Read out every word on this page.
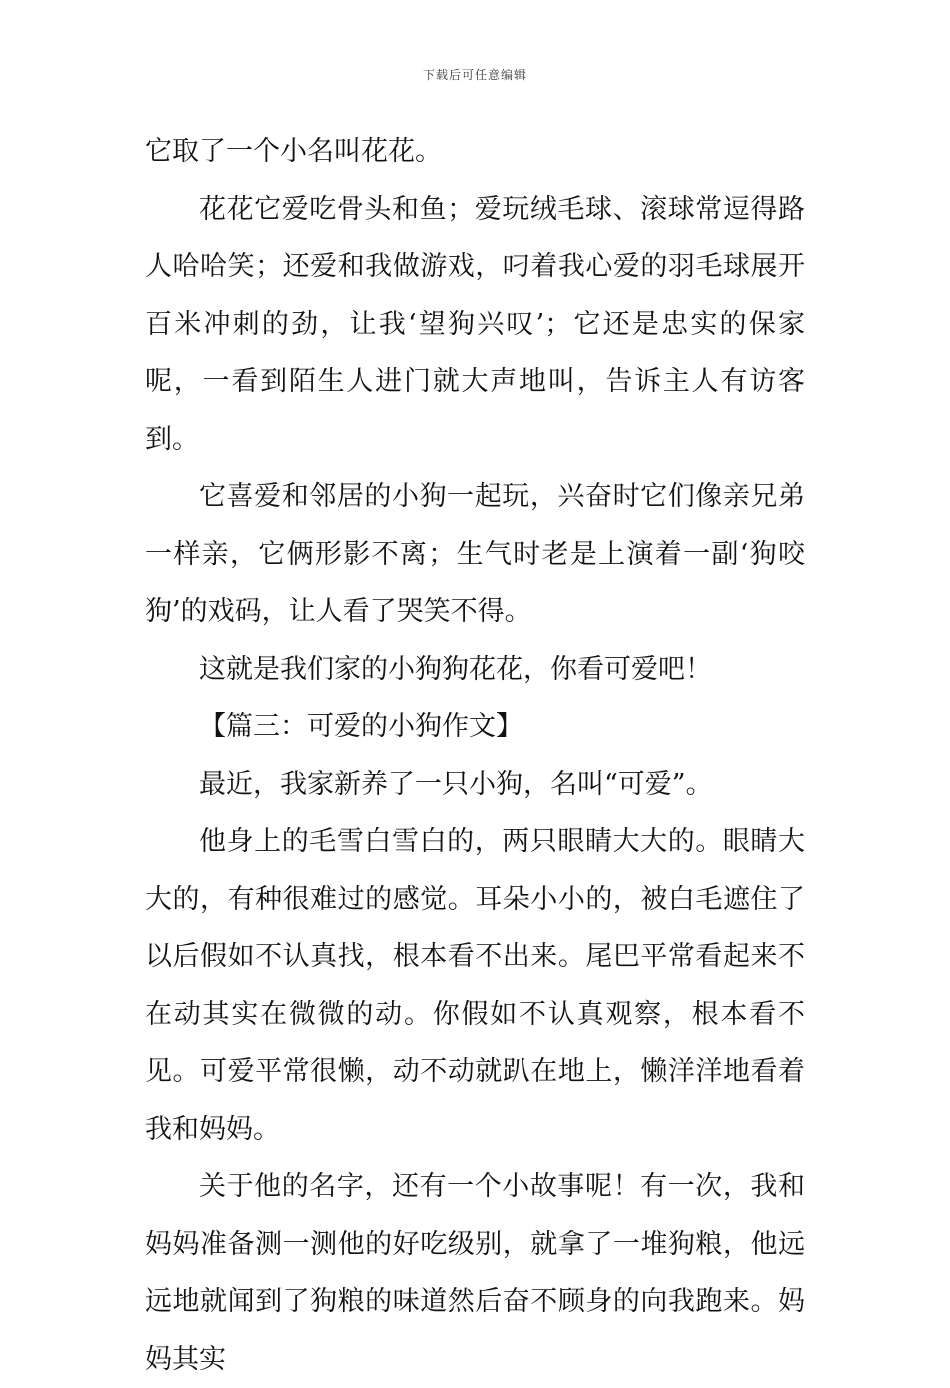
下载后可任意编辑

它取了一个小名叫花花。

花花它爱吃骨头和鱼；爱玩绒毛球、滚球常逗得路人哈哈笑；还爱和我做游戏，叼着我心爱的羽毛球展开百米冲刺的劲，让我‘望狗兴叹’；它还是忠实的保家呢，一看到陌生人进门就大声地叫，告诉主人有访客到。

它喜爱和邻居的小狗一起玩，兴奋时它们像亲兄弟一样亲，它俩形影不离；生气时老是上演着一副‘狗咬狗’的戏码，让人看了哭笑不得。

这就是我们家的小狗狗花花，你看可爱吧！

【篇三：可爱的小狗作文】

最近，我家新养了一只小狗，名叫“可爱”。

他身上的毛雪白雪白的，两只眼睛大大的。眼睛大大的，有种很难过的感觉。耳朵小小的，被白毛遮住了以后假如不认真找，根本看不出来。尾巴平常看起来不在动其实在微微的动。你假如不认真观察，根本看不见。可爱平常很懒，动不动就趴在地上，懒洋洋地看着我和妈妈。

关于他的名字，还有一个小故事呢！有一次，我和妈妈准备测一测他的好吃级别，就拿了一堆狗粮，他远远地就闻到了狗粮的味道然后奋不顾身的向我跑来。妈妈其实
